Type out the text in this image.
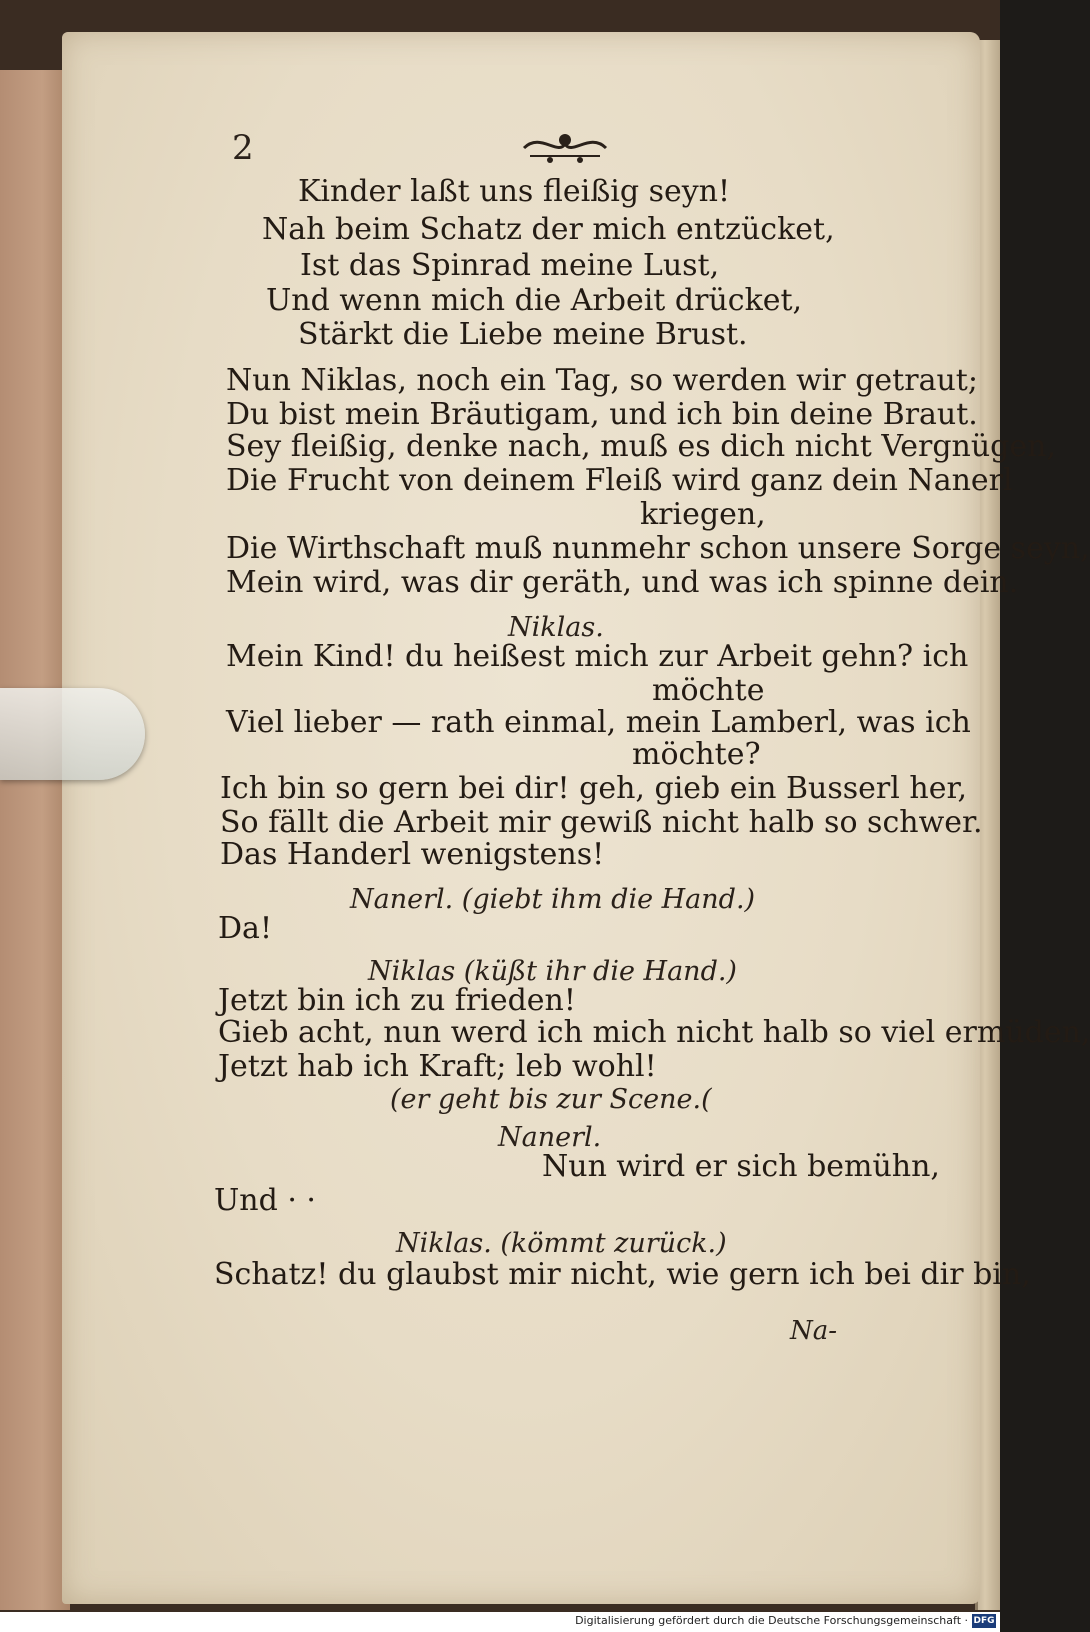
2
Kinder laßt uns fleißig seyn!
Nah beim Schatz der mich entzücket,
Ist das Spinrad meine Lust,
Und wenn mich die Arbeit drücket,
Stärkt die Liebe meine Brust.
Nun Niklas, noch ein Tag, so werden wir getraut;
Du bist mein Bräutigam, und ich bin deine Braut.
Sey fleißig, denke nach, muß es dich nicht Vergnügen,
Die Frucht von deinem Fleiß wird ganz dein Nanerl
kriegen,
Die Wirthschaft muß nunmehr schon unsere Sorge seyn,
Mein wird, was dir geräth, und was ich spinne dein.
Niklas.
Mein Kind! du heißest mich zur Arbeit gehn? ich
möchte
Viel lieber — rath einmal, mein Lamberl, was ich
möchte?
Ich bin so gern bei dir! geh, gieb ein Busserl her,
So fällt die Arbeit mir gewiß nicht halb so schwer.
Das Handerl wenigstens!
Nanerl. (giebt ihm die Hand.)
Da!
Niklas (küßt ihr die Hand.)
Jetzt bin ich zu frieden!
Gieb acht, nun werd ich mich nicht halb so viel ermüden,
Jetzt hab ich Kraft; leb wohl!
(er geht bis zur Scene.(
Nanerl.
Nun wird er sich bemühn,
Und · ·
Niklas. (kömmt zurück.)
Schatz! du glaubst mir nicht, wie gern ich bei dir bin,
Na-
Digitalisierung gefördert durch die Deutsche Forschungsgemeinschaft · DFG
